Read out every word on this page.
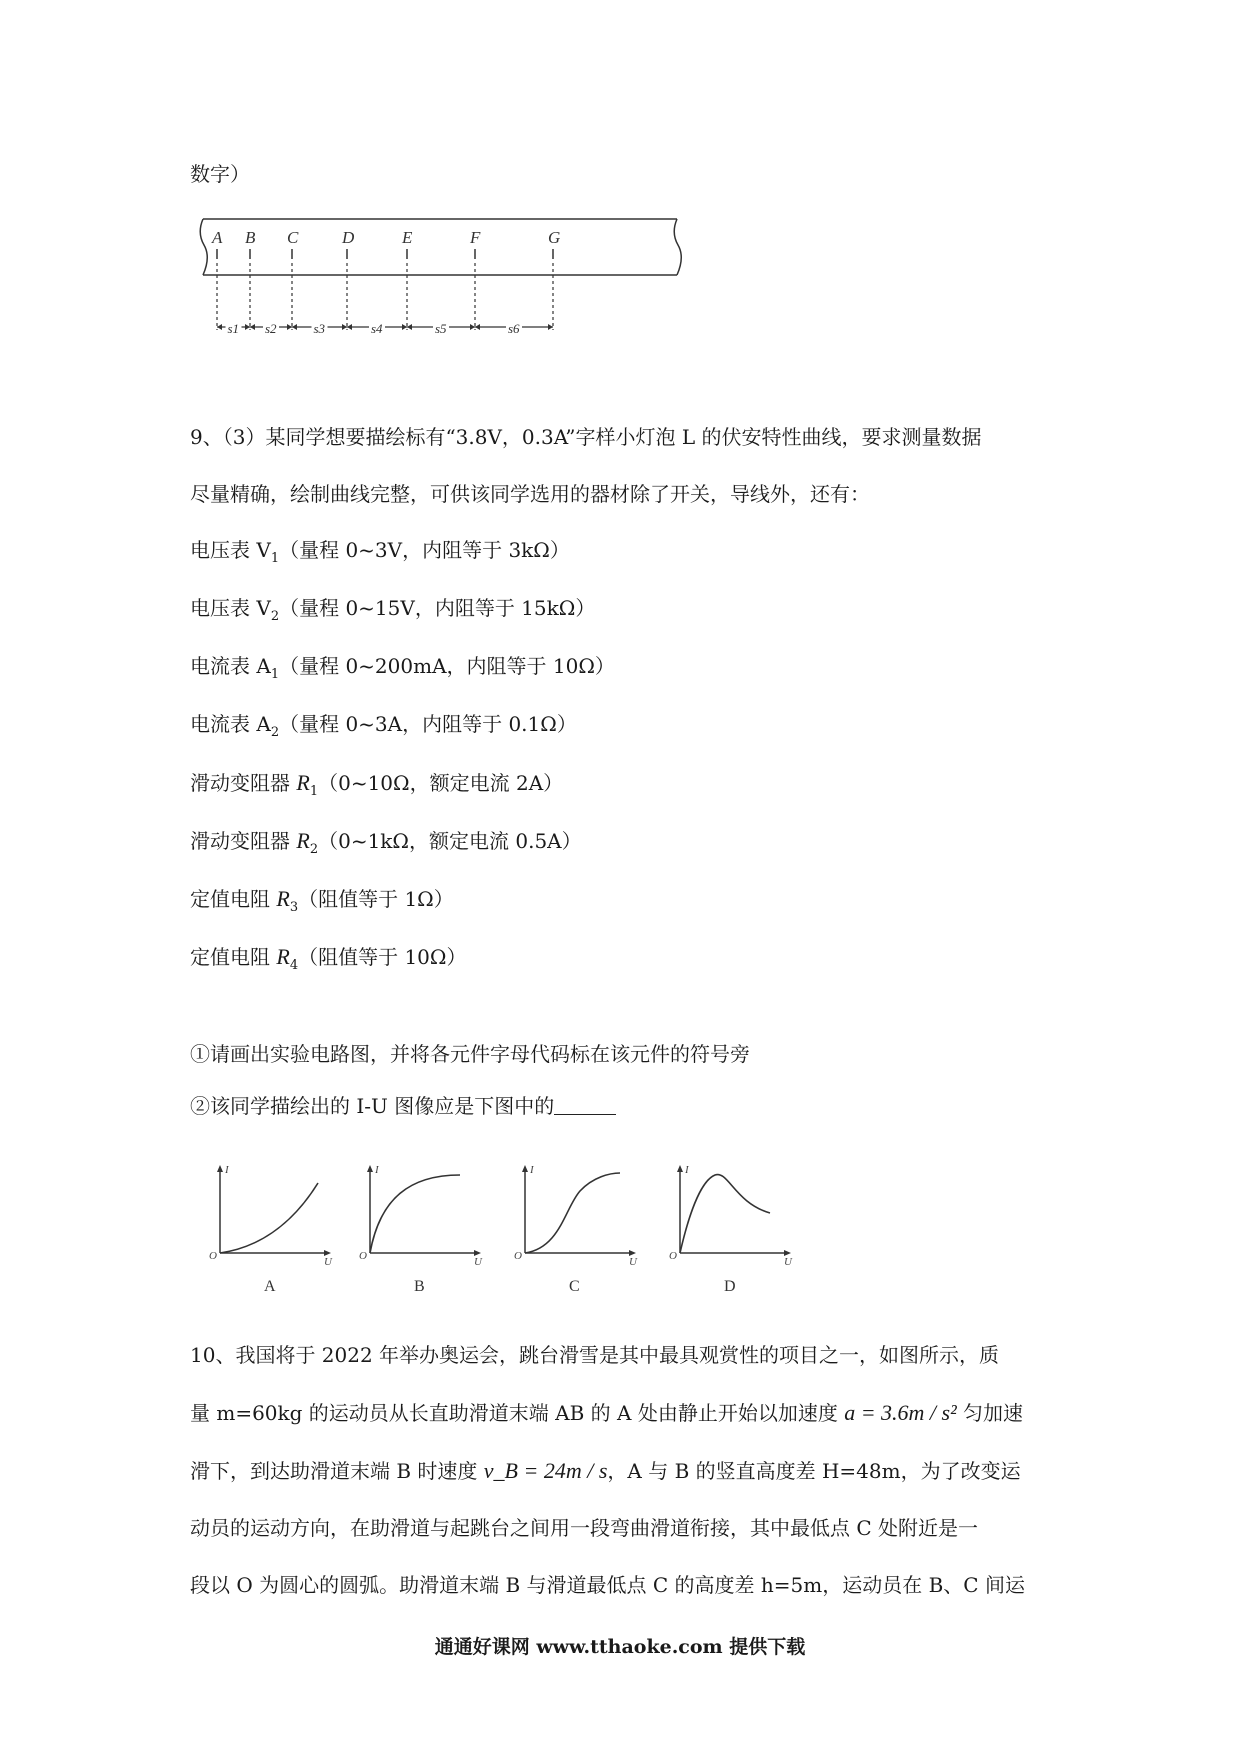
数字）
A B C	D	E	F	G
s1 s2	s3	s4	s5	s6
9、（3）某同学想要描绘标有“3.8V，0.3A”字样小灯泡 L 的伏安特性曲线，要求测量数据
尽量精确，绘制曲线完整，可供该同学选用的器材除了开关，导线外，还有：
电压表 $V_1$（量程 0~3V，内阻等于 3kΩ）
电压表 $V_2$（量程 0~15V，内阻等于 15kΩ）
电流表 $A_1$（量程 0~200mA，内阻等于 10Ω）
电流表 $A_2$（量程 0~3A，内阻等于 0.1Ω）
滑动变阻器 $R_1(0\sim 10\Omega$，额定电流 2A）
滑动变阻器 $R_2(0\sim 1k\Omega$，额定电流 0.5A）
定值电阻 $R_3$（阻值等于 1Ω）
定值电阻 $R_4$（阻值等于 10Ω）
①请画出实验电路图，并将各元件字母代码标在该元件的符号旁
②该同学描绘出的 I-U 图像应是下图中的
I
U
O
A
I
U
O
B
I
U
O
C
I
U
O
D
10、我国将于 2022 年举办奥运会，跳台滑雪是其中最具观赏性的项目之一，如图所示，质
量 m=60kg 的运动员从长直助滑道末端 AB 的 A 处由静止开始以加速度 a = 3.6m / s² 匀加速
滑下，到达助滑道末端 B 时速度 v_B = 24m / s，A 与 B 的竖直高度差 H=48m，为了改变运
动员的运动方向，在助滑道与起跳台之间用一段弯曲滑道衔接，其中最低点 C 处附近是一
段以 O 为圆心的圆弧。助滑道末端 B 与滑道最低点 C 的高度差 h=5m，运动员在 B、C 间运
通通好课网 www.tthaoke.com 提供下载
